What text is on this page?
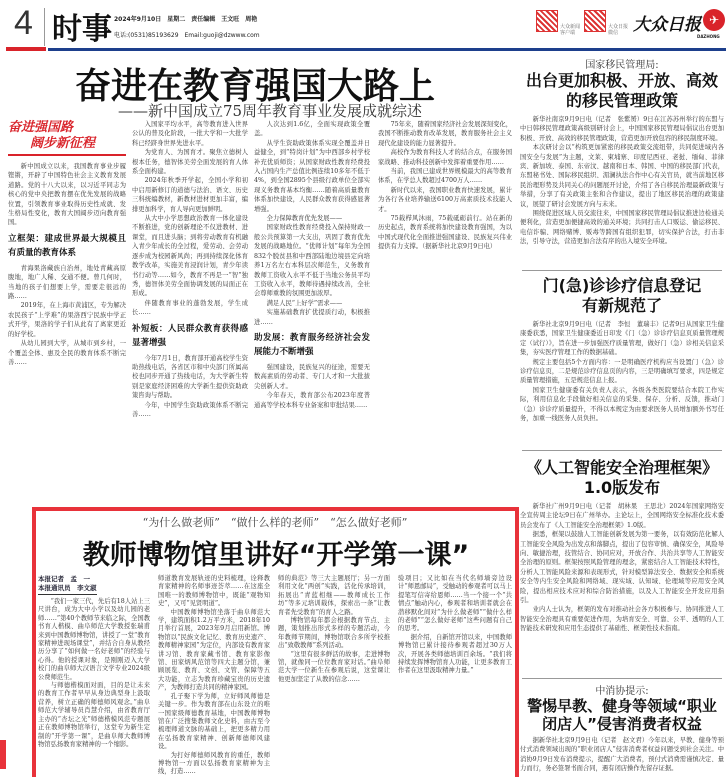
4 时事 2024年9月10日　星期二　责任编辑　王文旺　周艳
电话:(0531)85193629　Email:guoji@dzwww.com
大众新闻客户端
大众日报微信 大众日报 ✈
DAZHONG
奋进在教育强国大路上
——新中国成立75周年教育事业发展成就综述
奋进强国路
阔步新征程

新中国成立以来，我国教育事业步履铿锵，开辟了中国特色社会主义教育发展道路。党的十八大以来，以习近平同志为核心的党中央把教育摆在优先发展的战略位置，引领教育事业取得历史性成就、发生格局性变化，教育大国阔步迈向教育强国。

立框架：建成世界最大规模且有质量的教育体系

青海果洛藏族自治州，地处青藏高原腹地，地广人稀、交通不便。曾几何时，当地的孩子们想要上学，需要走很远的路……

2019年，在上海市黄浦区，专为解决农民孩子“上学难”的果洛西宁民族中学正式开学，果洛的学子们从此有了离家更近的好学校。

从幼儿园到大学，从城市到乡村，一个覆盖全体、惠及全民的教育体系不断完善……

入国家平均水平，高等教育进入世界公认的普及化阶段，一批大学和一大批学科已经跻身世界先进水平。

为党育人、为国育才。聚焦立德树人根本任务，德智体美劳全面发展的育人体系全面构建。

2024年秋季开学起，全国小学和初中启用新修订的道德与法治、语文、历史三科统编教材，新教材进材更加丰富，编排更加科学，育人导向更加鲜明。

从大中小学思想政治教育一体化建设不断推进，党的创新理论不仅进教材、进课堂，而且进头脑；到将劳动教育有机融入青少年成长的全过程，爱劳动、会劳动逐步成为校园新风尚；再到持续深化体育教学改革，实施美育浸润计划，青少年读书行动等……如今，教育不再是一“智”独秀，德智体美劳全面协调发展的局面正在形成。

伴随教育事业的蓬勃发展，学生成长……

补短板：人民群众教育获得感显著增强

今年7月1日，教育部开通高校学生资助热线电话，各省区市和中央部门所属高校也同步开通了热线电话，为大学新生特别是家庭经济困难的大学新生提供资助政策咨询与帮助。

今年，中国学生资助政策体系不断完善……

人次达到1.6亿，全面实现政策全覆盖。

从学生资助政策体系实现全覆盖并日益健全，到“特岗计划”为中西部乡村学校补充优质师资；从国家财政性教育经费投入占国内生产总值比例连续10多年不低于4%，到全国2895个县级行政单位全部实现义务教育基本均衡……随着高质量教育体系加快建设，人民群众教育获得感显著增强。

全力保障教育优先发展——

国家财政性教育经费投入保持财政一般公共预算第一大支出，巩固了教育优先发展的战略地位。“优师计划”每年为全国832个脱贫县和中西部陆地边境县定向培养1万名左右本科层次师范生，义务教育教师工资收入水平不低于当地公务员平均工资收入水平，教师待遇持续改善，全社会尊师重教的氛围更加浓厚。

满足人民“上好学”需求——

实施基础教育扩优提质行动，积极推进……

助发展：教育服务经济社会发展能力不断增强

强国建设，民族复兴的征途，需要无数高素质的劳动者、专门人才和一大批拔尖创新人才。

今年春天，教育部公布2023年度普通高等学校本科专业备案和审批结果……

75年来，随着国家经济社会发展深刻变化，我国不断推动教育改革发展，教育服务社会主义现代化建设的能力显著提升。

高校作为教育科技人才的结合点，在服务国家战略、推动科技创新中发挥着重要作用……

当前，我国已建成世界规模最大的高等教育体系，在学总人数超过4700万人……

新时代以来，我国职业教育快速发展，累计为各行各业培养输送6100万高素质技术技能人才。

75载栉风沐雨，75载砥砺前行。站在新的历史起点，教育系统将加快建设教育强国，为以中国式现代化全面推进强国建设、民族复兴伟业提供有力支撑。（据新华社北京9月9日电）

国家移民管理局:
出台更加积极、开放、高效的移民管理政策

新华社南京9月9日电（记者　张紫赟）9日在江苏苏州举行的东盟与中日韩移民管理政策高级别研讨会上，中国国家移民管理局倡议出台更加积极、开放、高效的移民管理政策，营造更加开放包容的移民制度环境。

本次研讨会以“构筑更加紧密的移民政策交流纽带，共同促进域内各国安全与发展”为主题，文莱、柬埔寨、印度尼西亚、老挝、缅甸、菲律宾、新加坡、泰国、东帝汶、越南和日本、韩国、中国的移民部门代表，东盟秘书处、国际移民组织、湄澜执法合作中心有关官员，就当前地区移民治理形势及共同关心的问题展开讨论，介绍了各自移民治理最新政策与举措，分享了有关政策主张和合作建议，提出了地区移民治理的政策建议，展望了研讨会发展方向与未来。

围绕促进区域人员交流往来，中国国家移民管理局倡议推进边检通关便利化，营造更加便捷高效的通关环境；共同打击人口贩运、偷运移民、电信诈骗、网络赌博、贩毒等跨国有组织犯罪，切实保护合法，打击非法，引导守法，营造更加合法有序的出入境安全环境。

门(急)诊诊疗信息登记有新规范了

新华社北京9月9日电（记者　李恒　董瑞丰）记者9日从国家卫生健康委获悉，国家卫生健康委近日印发《门（急）诊诊疗信息页质量管理规定（试行）》，旨在进一步加强医疗质量管理，做好门（急）诊相关信息采集，夯实医疗管理工作的数据基础。

规定主要包括5个方面内容：一是明确医疗机构应当设置门（急）诊诊疗信息页，二是规范诊疗信息页的内容，三是明确填写要求，四是规定质量管理措施，五是规范信息上报。

国家卫生健康委有关负责人表示，各级各类医院要结合本院工作实际，利用信息化手段做好相关信息的采集、保存、分析、反馈，推动门（急）诊诊疗质量提升，不得以本规定为由要求医务人员增加额外书写任务，加重一线医务人员负担。

《人工智能安全治理框架》1.0版发布

新华社广州9月9日电（记者　胡林果　王思北）2024年国家网络安全宣传周主论坛9日在广州举办。主论坛上，全国网络安全标准化技术委员会发布了《人工智能安全治理框架》1.0版。

据悉，框架以鼓励人工智能创新发展为第一要务，以有效防范化解人工智能安全风险为出发点和落脚点，提出了包容审慎、确保安全，风险导向、敏捷治理，技管结合、协同应对，开放合作、共治共享等人工智能安全治理的原则。框架按照风险管理的理念，紧密结合人工智能技术特性，分析人工智能风险来源和表现形式，针对模型算法安全、数据安全和系统安全等内生安全风险和网络域、现实域、认知域、伦理域等应用安全风险，提出相应技术应对和综合防治措施，以及人工智能安全开发应用指引。

业内人士认为，框架的发布对推动社会各方积极参与、协同推进人工智能安全治理具有重要促进作用，为培育安全、可靠、公平、透明的人工智能技术研发和应用生态提供了基础性、框架性技术指南。

中消协提示:
警惕早教、健身等领域“职业闭店人”侵害消费者权益

据新华社北京9月9日电（记者　赵文君）今年以来，早教、健身等预付式消费领域出现的“职业闭店人”侵害消费者权益问题受到社会关注。中消协9月9日发布消费提示，提醒广大消费者，预付式消费需谨慎决定、量力而行，务必签署书面合同，遇有闭店操作先留存证据。

“为什么做老师”　“做什么样的老师”　“怎么做好老师”
教师博物馆里讲好“开学第一课”
本报记者　孟　一
本报通讯员　李文淑

“我们一家三代，先后有18人站上三尺讲台，成为大中小学以及幼儿园的老师……”第40个教师节来临之际，全国教书育人楷模、曲阜师范大学教授张瑞甫来到中国教师博物馆，讲授了一堂“教育家精神进现场课堂”，并结合自身从教经历分享了“如何做一名好老师”的经验与心得。他的授课对象，是刚刚迈入大学校门的曲阜师大汉语言文学专业2024级公费师范生。

与师德楷模面对面，目的是让未来的教育工作者早早从身边典型身上汲取营养，树立正确的师德师风观念。”曲阜师范大学辅导员肖慧介绍，由省教育厅主办的“杏坛之光”师德楷模风范专题展正在教师博物馆举行，这堂专为新生定制的“开学第一课”，是曲阜师大教师博物馆弘扬教育家精神的一个缩影。

师道教育发展轨迹的史料梳理，诠释教育家精神的名师事迹荟萃……在这座全国唯一的教师博物馆中，既能“观物知史”，又可“见贤明道”。

中国教师博物馆坐落于曲阜师范大学，建筑面积1.2万平方米，2018年10月举行首展，2023年9月启用新馆。博物馆以“民族文化记忆、教育历史遗产、教师精神家园”为定位，内部设有教育家讲习馆、教育家藏书馆、教育家影像馆、田家炳风范馆等四大主题分馆，兼顾展览、教育、文创、文管、保障等五大功能，立志为教育珍藏宝贵的历史遗产，为教师打造共同的精神家园。

孔子娶下学为师，立好师风师德是关键一步。作为教育部在山东设立的唯一国家级师德教育基地，中国教师博物馆在广泛搜集教师文化史料，由古至今梳理师道文脉的基础上，把更多精力用在弘扬教育家精神、创新师德师风建设。

为打好师德师风教育的重任，教师博物馆一方面以弘扬教育家精神为主线，打造……

师的典范》等三大主题展厅；另一方面利用文化“两创”实践，活化传承培训，拓展出“青蓝相继——教师成长工作坊”等多元培训载体，探索出一条“让教育者先受教育”的育人之路。

博物馆每年都会根据教育节点、主题，策划推出形式多样的专题活动，今年教师节期间，博物馆联合多所学校推出“致敬教师”系列活动。

“这里有很多鲜活的故事，走进博物馆，就像同一位位教育家对话。”曲阜师范大学一位新生在参观后说，这堂课让他更加坚定了从教的信念……

验项目；又比如在当代名师墙旁边设计“师恩邮局”，受触动的参观者可以马上提笔写信寄给恩师……当一个接一个“共情点”触动内心，参观者和培训者就会在潜移默化间对“为什么做老师”“做什么样的老师”“怎么做好老师”这些问题有自己的思考。

据介绍，自新馆开馆以来，中国教师博物馆已累计接待参观者超过30万人次，开展各类师德培训百余场。“我们将持续发挥博物馆育人功能，让更多教育工作者在这里汲取精神力量。”
